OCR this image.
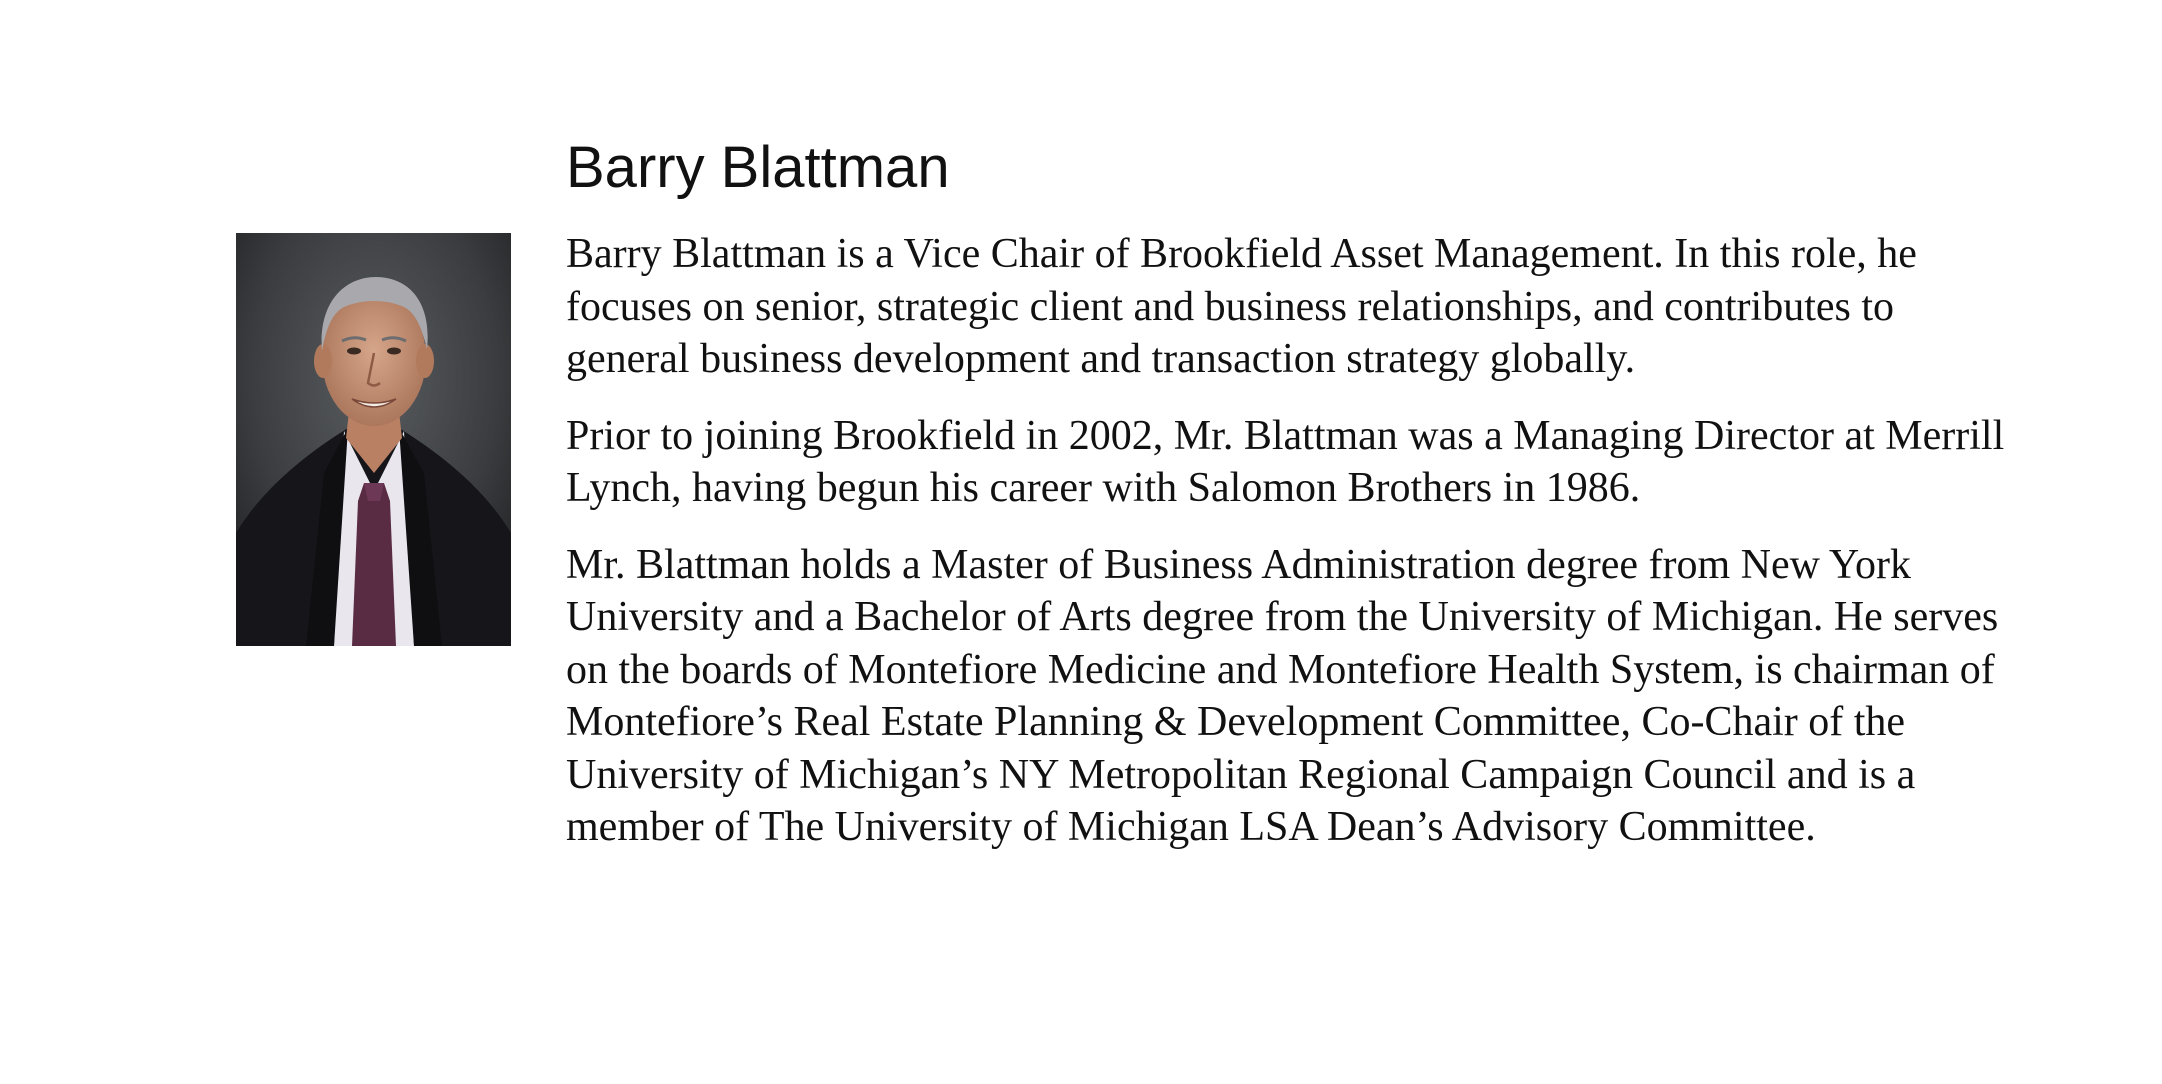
Barry Blattman

Barry Blattman is a Vice Chair of Brookfield Asset Management. In this role, he focuses on senior, strategic client and business relationships, and contributes to general business development and transaction strategy globally.

Prior to joining Brookfield in 2002, Mr. Blattman was a Managing Director at Merrill Lynch, having begun his career with Salomon Brothers in 1986.

Mr. Blattman holds a Master of Business Administration degree from New York University and a Bachelor of Arts degree from the University of Michigan. He serves on the boards of Montefiore Medicine and Montefiore Health System, is chairman of Montefiore’s Real Estate Planning & Development Committee, Co-Chair of the University of Michigan’s NY Metropolitan Regional Campaign Council and is a member of The University of Michigan LSA Dean’s Advisory Committee.
